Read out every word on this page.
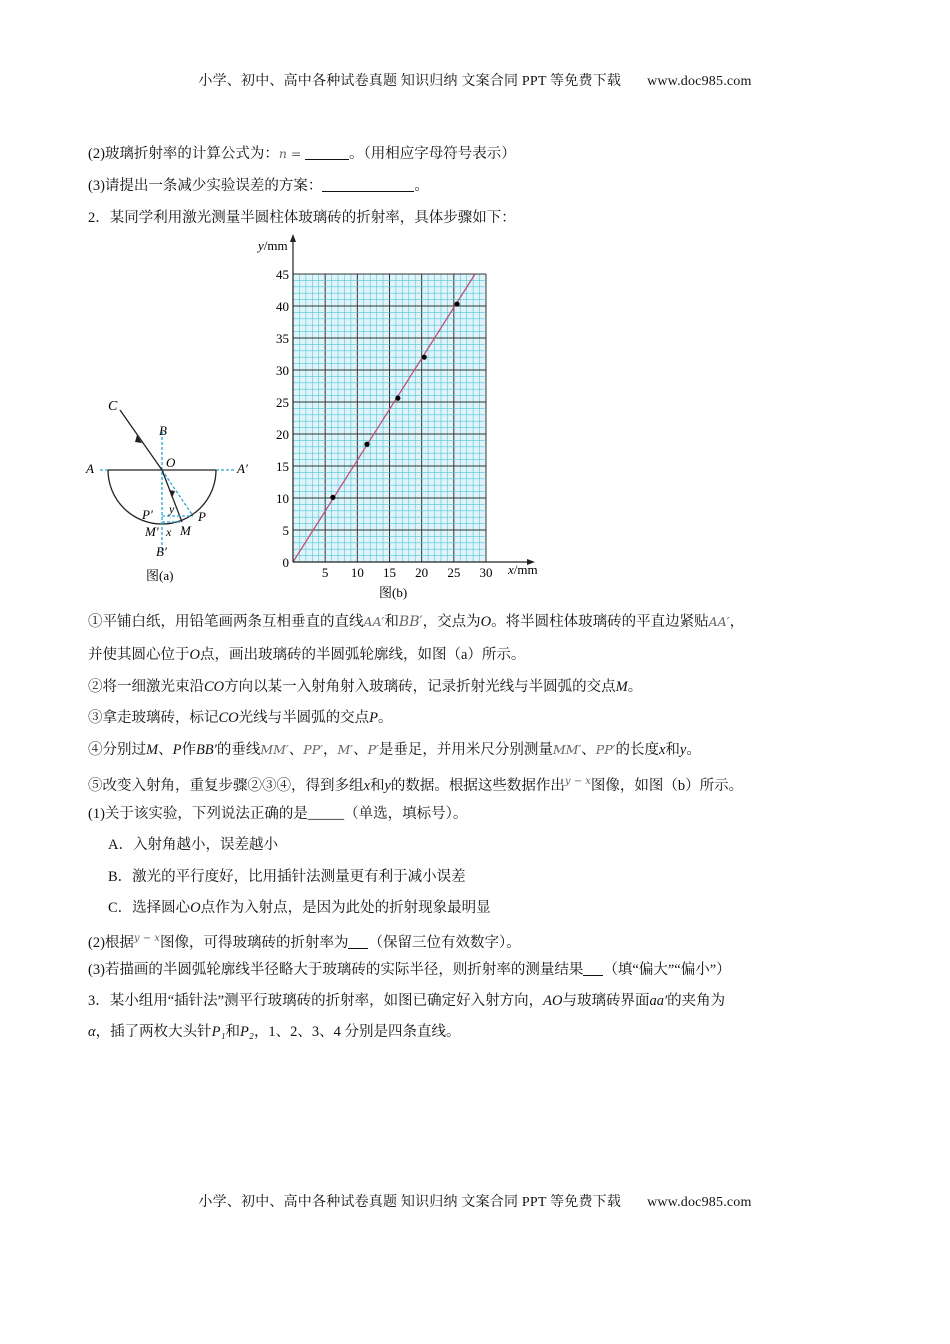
小学、初中、高中各种试卷真题 知识归纳 文案合同 PPT 等免费下载 www.doc985.com
(2)玻璃折射率的计算公式为：n =	。（用相应字母符号表示）
(3)请提出一条减少实验误差的方案：	。
2．某同学利用激光测量半圆柱体玻璃砖的折射率，具体步骤如下：
C
B
O
A	A′
P′ y P
M′ x M
B′
图(a)	5 10 15 20 25 30
0
5
10
15
20
25
30
35
40
45
y/mm
x/mm
图(b)
①平铺白纸，用铅笔画两条互相垂直的直线AA′和BB′，交点为O。将半圆柱体玻璃砖的平直边紧贴AA′，
并使其圆心位于O点，画出玻璃砖的半圆弧轮廓线，如图（a）所示。
②将一细激光束沿CO方向以某一入射角射入玻璃砖，记录折射光线与半圆弧的交点M。
③拿走玻璃砖，标记CO光线与半圆弧的交点P。
④分别过M、P作BB′的垂线MM′、PP′，M′、P′是垂足，并用米尺分别测量MM′、PP′的长度x和y。
⑤改变入射角，重复步骤②③④，得到多组x和y的数据。根据这些数据作出$^{y - x}$图像，如图（b）所示。
(1)关于该实验，下列说法正确的是_____（单选，填标号）。
A．入射角越小，误差越小
B．激光的平行度好，比用插针法测量更有利于减小误差
C．选择圆心O点作为入射点，是因为此处的折射现象最明显
(2)根据$^{y - x}$图像，可得玻璃砖的折射率为 （保留三位有效数字）。
(3)若描画的半圆弧轮廓线半径略大于玻璃砖的实际半径，则折射率的测量结果 （填“偏大”“偏小”）
3．某小组用“插针法”测平行玻璃砖的折射率，如图已确定好入射方向，AO与玻璃砖界面aa′的夹角为
α，插了两枚大头针P₁和P₂，1、2、3、4 分别是四条直线。
小学、初中、高中各种试卷真题 知识归纳 文案合同 PPT 等免费下载 www.doc985.com
